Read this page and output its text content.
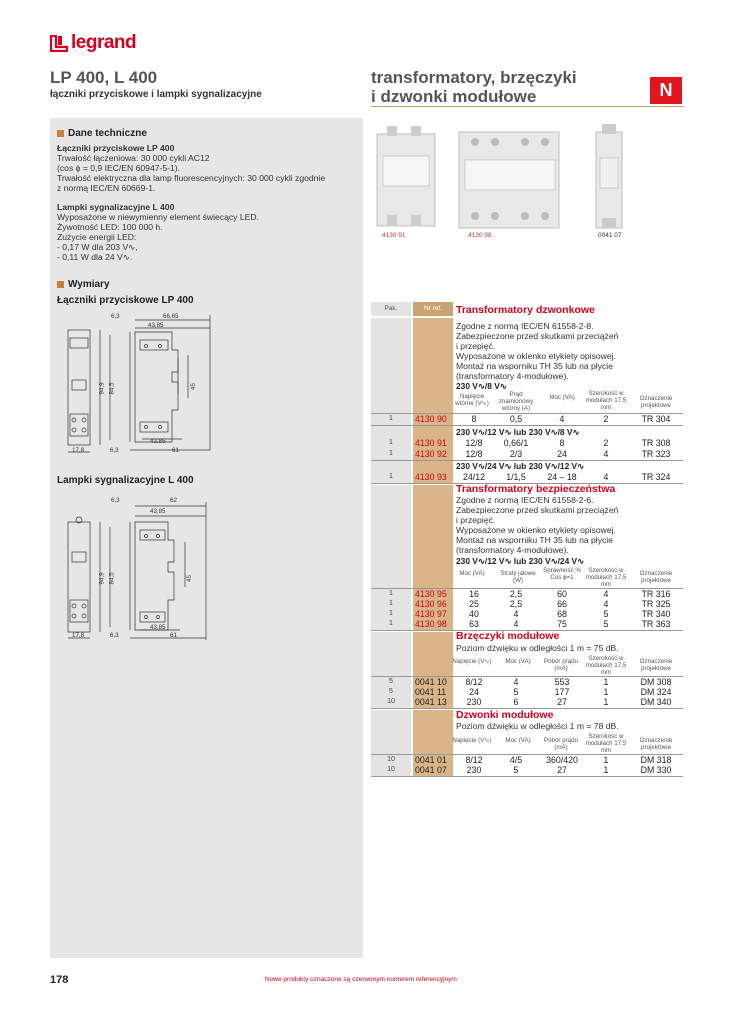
legrand
LP 400, L 400
łączniki przyciskowe i lampki sygnalizacyjne
transformatory, brzęczyki
i dzwonki modułowe	N
Dane techniczne
Łączniki przyciskowe LP 400
Trwałość łączeniowa: 30 000 cykli AC12
(cos ϕ = 0,9 IEC/EN 60947-5-1).
Trwałość elektryczna dla lamp fluorescencyjnych: 30 000 cykli zgodnie
z normą IEC/EN 60669-1.
Lampki sygnalizacyjne L 400
Wyposażone w niewymienny element świecący LED.
Żywotność LED: 100 000 h.
Zużycie energii LED:
- 0,17 W dla 203 V∿,
- 0,11 W dla 24 V∿.
Wymiary
Łączniki przyciskowe LP 400
Lampki sygnalizacyjne L 400
6,3	66,65
43,85
94,9 84,5	45
43,85
17,8	6,3	61
6,3	62
43,85
94,9 84,5	45
43,85
17,8	6,3	61
4130 91	4130 98	0041 07
Pak.	Nr ref.	Transformatory dzwonkowe
Zgodne z normą IEC/EN 61558-2-8.
Zabezpieczone przed skutkami przeciążeń
i przepięć.
Wyposażone w okienko etykiety opisowej.
Montaż na wsporniku TH 35 lub na płycie
(transformatory 4-modułowe).
230 V∿/8 V∿
Napięcie wtórne (V∿)
Prąd znamionowy wtórny (A)
Moc (VA)
Szerokość w modułach 17,5 mm
Oznaczenie projektowe
1	4130 90	8	0,5	4	2	TR 304
230 V∿/12 V∿ lub 230 V∿/8 V∿
1	4130 91	12/8	0,66/1	8	2	TR 308
1	4130 92	12/8	2/3	24	4	TR 323
230 V∿/24 V∿ lub 230 V∿/12 V∿
1	4130 93	24/12	1/1,5	24 – 18	4	TR 324
Transformatory bezpieczeństwa
Zgodne z normą IEC/EN 61558-2-6.
Zabezpieczone przed skutkami przeciążeń
i przepięć.
Wyposażone w okienko etykiety opisowej.
Montaż na wsporniku TH 35 lub na płycie
(transformatory 4-modułowe).
230 V∿/12 V∿ lub 230 V∿/24 V∿
Moc (VA)	Straty jałowe (W)
Sprawność % Cos ϕ=1
Szerokość w modułach 17,5 mm
Oznaczenie projektowe
1	4130 95	16	2,5	60	4	TR 316
1	4130 96	25	2,5	66	4	TR 325
1	4130 97	40	4	68	5	TR 340
1	4130 98	63	4	75	5	TR 363
Brzęczyki modułowe
Poziom dźwięku w odległości 1 m = 75 dB.
Napięcie (V∿)	Moc (VA)	Pobór prądu (mA)
Szerokość w modułach 17,5 mm
Oznaczenie projektowe
5	0041 10	8/12	4	553	1	DM 308
5	0041 11	24	5	177	1	DM 324
10	0041 13	230	6	27	1	DM 340
Dzwonki modułowe
Poziom dźwięku w odległości 1 m = 78 dB.
Napięcie (V∿)	Moc (VA)	Pobór prądu (mA)
Szerokość w modułach 17,5 mm
Oznaczenie projektowe
10	0041 01	8/12	4/5	360/420	1	DM 318
10	0041 07	230	5	27	1	DM 330
178	Nowe produkty oznaczone są czerwonym numerem referencyjnym
